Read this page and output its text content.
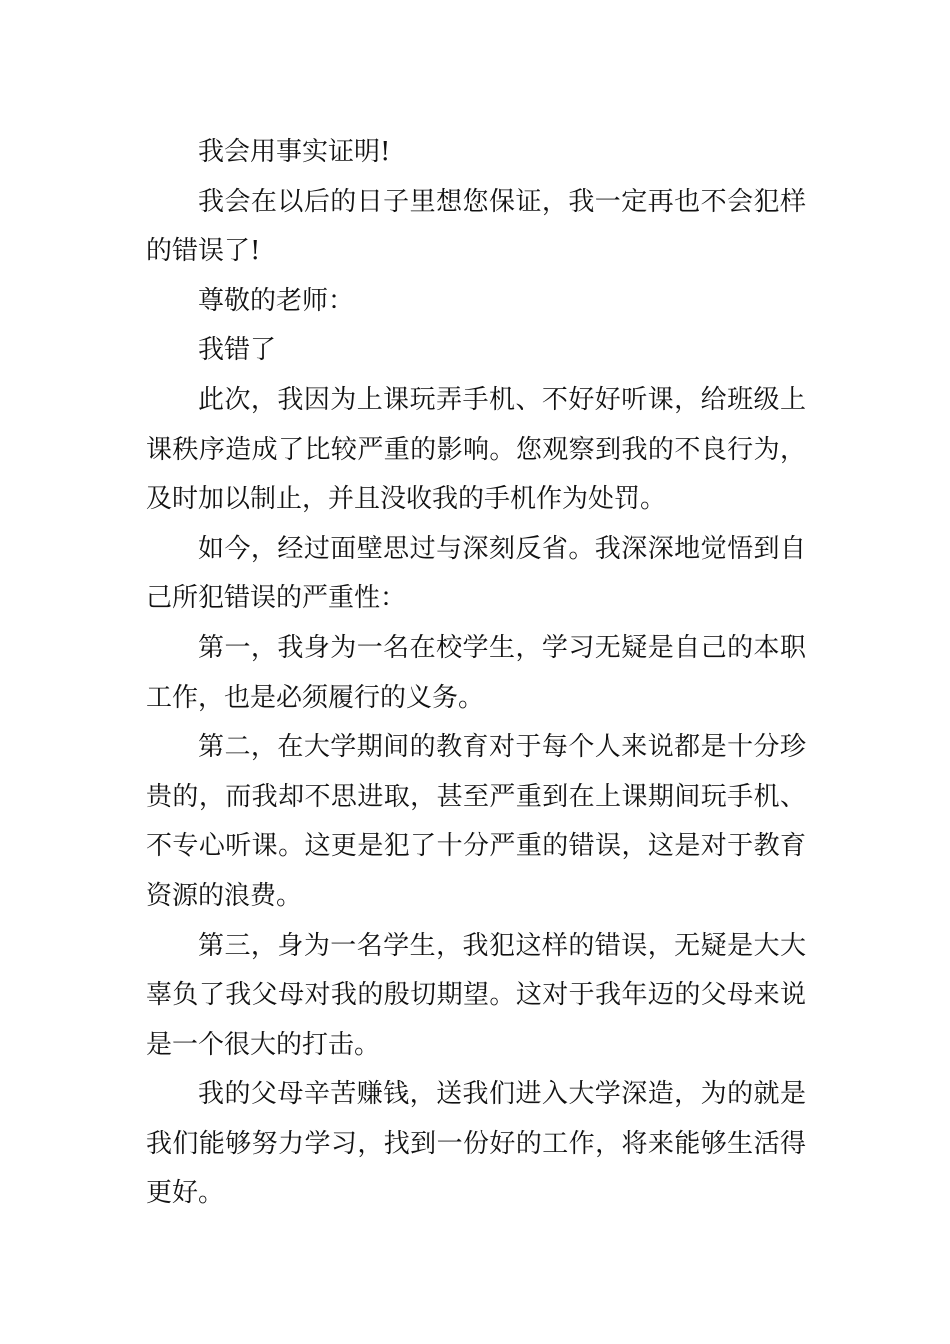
我会用事实证明!

我会在以后的日子里想您保证，我一定再也不会犯样的错误了!

尊敬的老师：

我错了

此次，我因为上课玩弄手机、不好好听课，给班级上课秩序造成了比较严重的影响。您观察到我的不良行为，及时加以制止，并且没收我的手机作为处罚。

如今，经过面壁思过与深刻反省。我深深地觉悟到自己所犯错误的严重性：

第一，我身为一名在校学生，学习无疑是自己的本职工作，也是必须履行的义务。

第二，在大学期间的教育对于每个人来说都是十分珍贵的，而我却不思进取，甚至严重到在上课期间玩手机、不专心听课。这更是犯了十分严重的错误，这是对于教育资源的浪费。

第三，身为一名学生，我犯这样的错误，无疑是大大辜负了我父母对我的殷切期望。这对于我年迈的父母来说是一个很大的打击。

我的父母辛苦赚钱，送我们进入大学深造，为的就是我们能够努力学习，找到一份好的工作，将来能够生活得更好。
